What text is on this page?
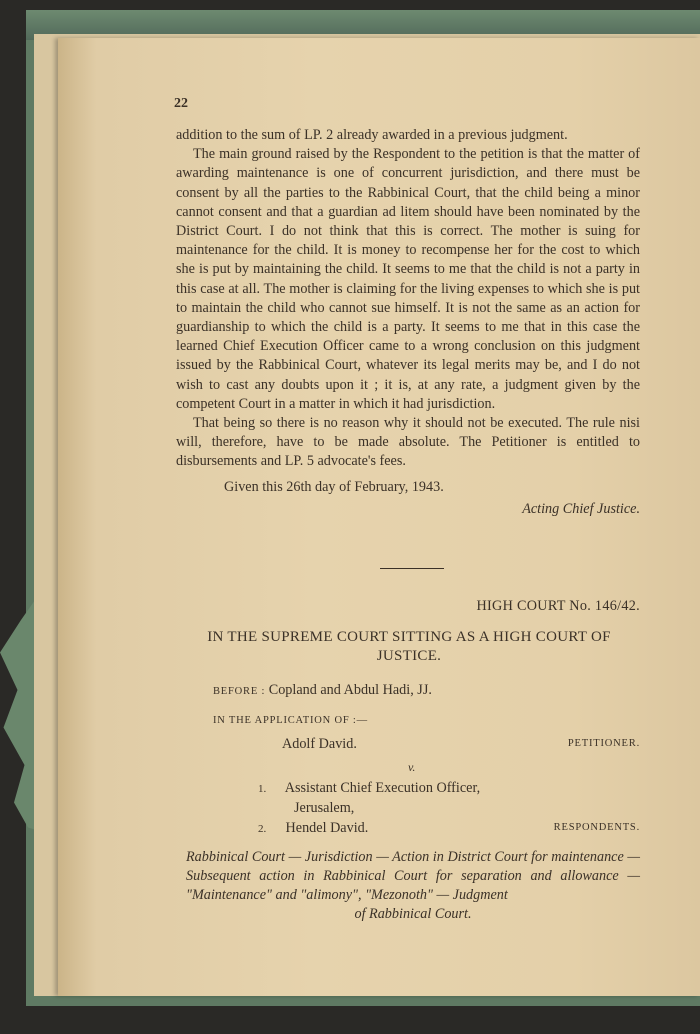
22

addition to the sum of LP. 2 already awarded in a previous judgment.

The main ground raised by the Respondent to the petition is that the matter of awarding maintenance is one of concurrent jurisdiction, and there must be consent by all the parties to the Rabbinical Court, that the child being a minor cannot consent and that a guardian ad litem should have been nominated by the District Court. I do not think that this is correct. The mother is suing for maintenance for the child. It is money to recompense her for the cost to which she is put by maintaining the child. It seems to me that the child is not a party in this case at all. The mother is claiming for the living expenses to which she is put to maintain the child who cannot sue himself. It is not the same as an action for guardianship to which the child is a party. It seems to me that in this case the learned Chief Execution Officer came to a wrong conclusion on this judgment issued by the Rabbinical Court, whatever its legal merits may be, and I do not wish to cast any doubts upon it ; it is, at any rate, a judgment given by the competent Court in a matter in which it had jurisdiction.

That being so there is no reason why it should not be executed. The rule nisi will, therefore, have to be made absolute. The Petitioner is entitled to disbursements and LP. 5 advocate's fees.

Given this 26th day of February, 1943.

Acting Chief Justice.

HIGH COURT No. 146/42.
IN THE SUPREME COURT SITTING AS A HIGH COURT OF JUSTICE.
BEFORE : Copland and Abdul Hadi, JJ.
IN THE APPLICATION OF :—
Adolf David.	PETITIONER.
v.
1. Assistant Chief Execution Officer,
Jerusalem,
2. Hendel David.	RESPONDENTS.
Rabbinical Court — Jurisdiction — Action in District Court for maintenance — Subsequent action in Rabbinical Court for separation and allowance — "Maintenance" and "alimony", "Mezonoth" — Judgment
of Rabbinical Court.
